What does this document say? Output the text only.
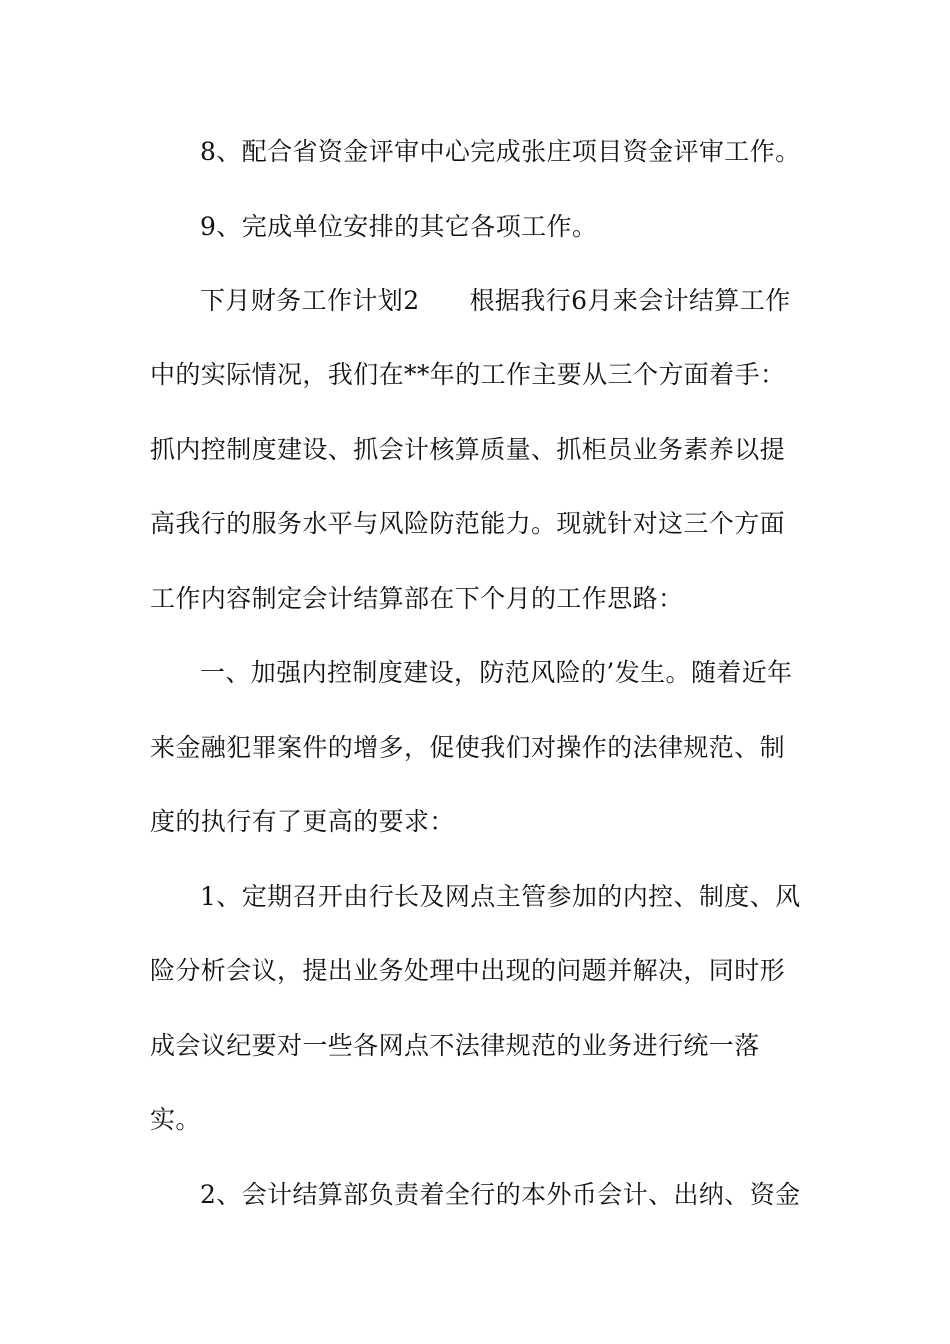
8、配合省资金评审中心完成张庄项目资金评审工作。
9、完成单位安排的其它各项工作。
下月财务工作计划2 根据我行6月来会计结算工作
中的实际情况，我们在**年的工作主要从三个方面着手：
抓内控制度建设、抓会计核算质量、抓柜员业务素养以提
高我行的服务水平与风险防范能力。现就针对这三个方面
工作内容制定会计结算部在下个月的工作思路：
一、加强内控制度建设，防范风险的’发生。随着近年
来金融犯罪案件的增多，促使我们对操作的法律规范、制
度的执行有了更高的要求：
1、定期召开由行长及网点主管参加的内控、制度、风
险分析会议，提出业务处理中出现的问题并解决，同时形
成会议纪要对一些各网点不法律规范的业务进行统一落
实。
2、会计结算部负责着全行的本外币会计、出纳、资金
